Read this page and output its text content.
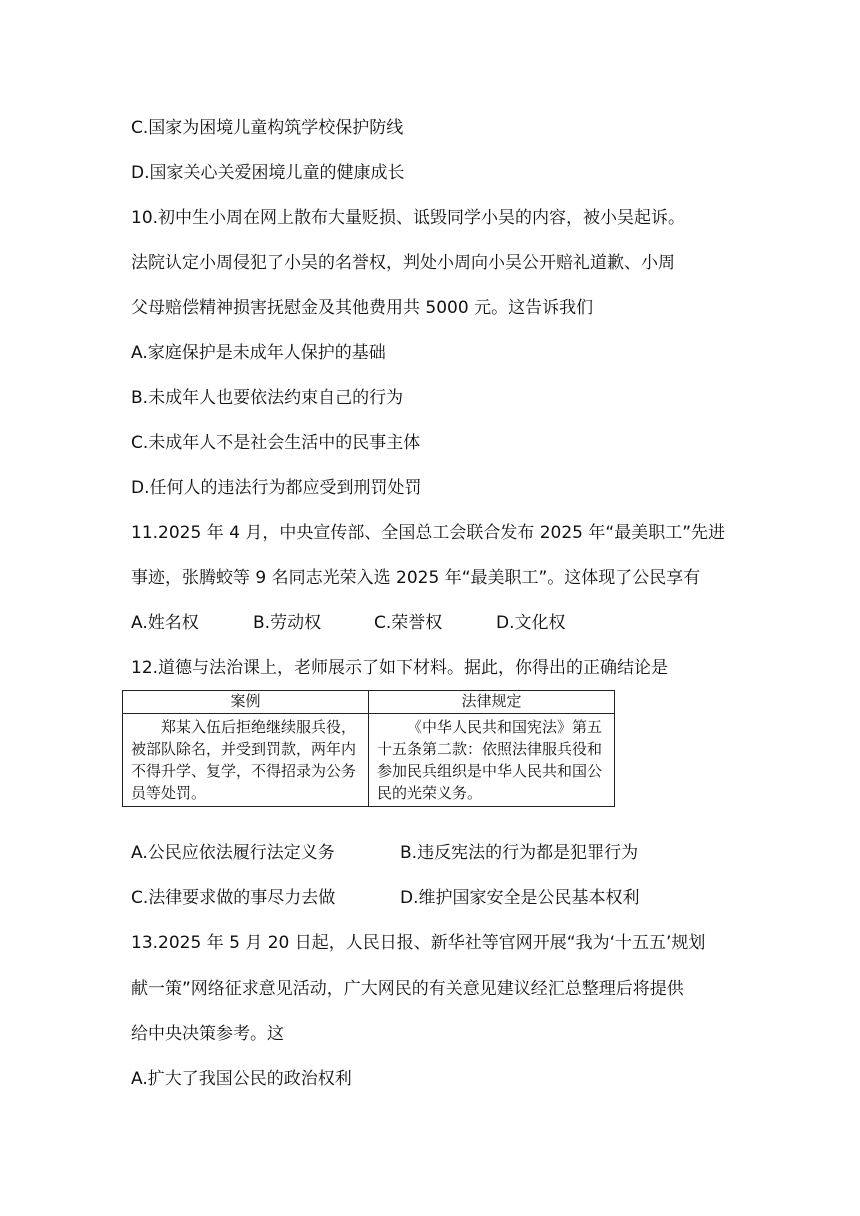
C.国家为困境儿童构筑学校保护防线
D.国家关心关爱困境儿童的健康成长
10.初中生小周在网上散布大量贬损、诋毁同学小吴的内容，被小吴起诉。
法院认定小周侵犯了小吴的名誉权，判处小周向小吴公开赔礼道歉、小周
父母赔偿精神损害抚慰金及其他费用共 5000 元。这告诉我们
A.家庭保护是未成年人保护的基础
B.未成年人也要依法约束自己的行为
C.未成年人不是社会生活中的民事主体
D.任何人的违法行为都应受到刑罚处罚
11.2025 年 4 月，中央宣传部、全国总工会联合发布 2025 年“最美职工”先进
事迹，张腾蛟等 9 名同志光荣入选 2025 年“最美职工”。这体现了公民享有
A.姓名权	B.劳动权	C.荣誉权	D.文化权
12.道德与法治课上，老师展示了如下材料。据此，你得出的正确结论是
案例	法律规定
郑某入伍后拒绝继续服兵役，被部队除名，并受到罚款，两年内不得升学、复学，不得招录为公务员等处罚。	《中华人民共和国宪法》第五十五条第二款：依照法律服兵役和参加民兵组织是中华人民共和国公民的光荣义务。
A.公民应依法履行法定义务	B.违反宪法的行为都是犯罪行为
C.法律要求做的事尽力去做	D.维护国家安全是公民基本权利
13.2025 年 5 月 20 日起，人民日报、新华社等官网开展“我为‘十五五’规划
献一策”网络征求意见活动，广大网民的有关意见建议经汇总整理后将提供
给中央决策参考。这
A.扩大了我国公民的政治权利
